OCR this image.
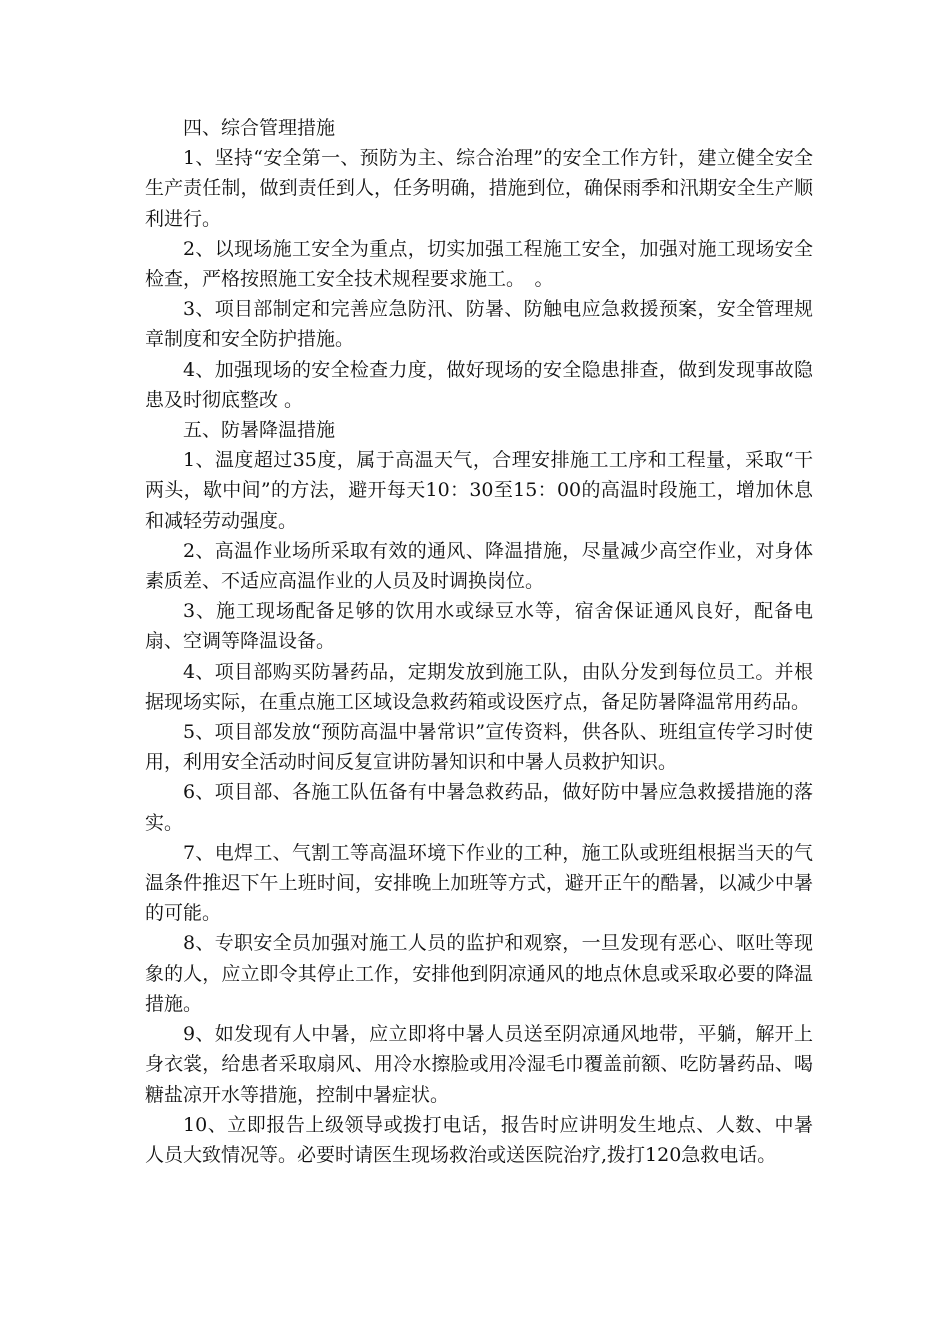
四、综合管理措施

1、坚持“安全第一、预防为主、综合治理”的安全工作方针，建立健全安全生产责任制，做到责任到人，任务明确，措施到位，确保雨季和汛期安全生产顺利进行。

2、以现场施工安全为重点，切实加强工程施工安全，加强对施工现场安全检查，严格按照施工安全技术规程要求施工。　。

3、项目部制定和完善应急防汛、防暑、防触电应急救援预案，安全管理规章制度和安全防护措施。

4、加强现场的安全检查力度，做好现场的安全隐患排查，做到发现事故隐患及时彻底整改 。

五、防暑降温措施

1、温度超过35度，属于高温天气，合理安排施工工序和工程量，采取“干两头，歇中间”的方法，避开每天10：30至15：00的高温时段施工，增加休息和减轻劳动强度。

2、高温作业场所采取有效的通风、降温措施，尽量减少高空作业，对身体素质差、不适应高温作业的人员及时调换岗位。

3、施工现场配备足够的饮用水或绿豆水等，宿舍保证通风良好，配备电扇、空调等降温设备。

4、项目部购买防暑药品，定期发放到施工队，由队分发到每位员工。并根据现场实际，在重点施工区域设急救药箱或设医疗点，备足防暑降温常用药品。

5、项目部发放“预防高温中暑常识”宣传资料，供各队、班组宣传学习时使用，利用安全活动时间反复宣讲防暑知识和中暑人员救护知识。

6、项目部、各施工队伍备有中暑急救药品，做好防中暑应急救援措施的落实。

7、电焊工、气割工等高温环境下作业的工种，施工队或班组根据当天的气温条件推迟下午上班时间，安排晚上加班等方式，避开正午的酷暑，以减少中暑的可能。

8、专职安全员加强对施工人员的监护和观察，一旦发现有恶心、呕吐等现象的人，应立即令其停止工作，安排他到阴凉通风的地点休息或采取必要的降温措施。

9、如发现有人中暑，应立即将中暑人员送至阴凉通风地带，平躺，解开上身衣裳，给患者采取扇风、用冷水擦脸或用冷湿毛巾覆盖前额、吃防暑药品、喝糖盐凉开水等措施，控制中暑症状。

10、立即报告上级领导或拨打电话，报告时应讲明发生地点、人数、中暑人员大致情况等。必要时请医生现场救治或送医院治疗,拨打120急救电话。
